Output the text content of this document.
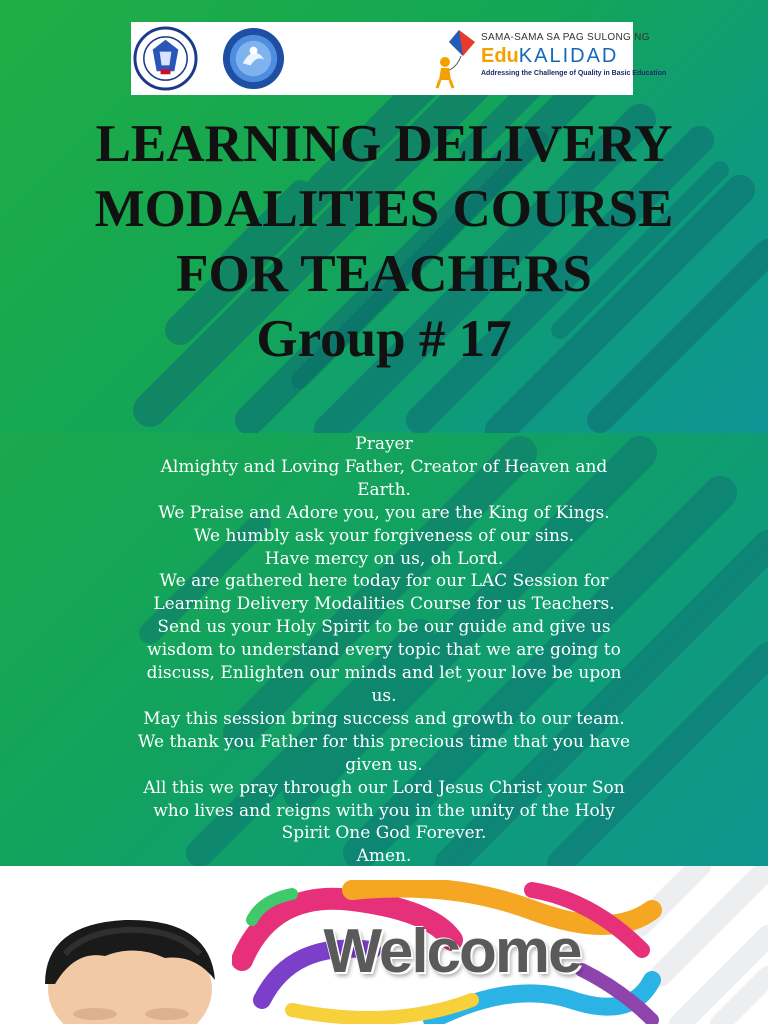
SAMA-SAMA SA PAG SULONG NG
EduKALIDAD
Addressing the Challenge of Quality in Basic Education
LEARNING DELIVERY
MODALITIES COURSE
FOR TEACHERS
Group # 17
Prayer
Almighty and Loving Father, Creator of Heaven and
Earth.
We Praise and Adore you, you are the King of Kings.
We humbly ask your forgiveness of our sins.
Have mercy on us, oh Lord.
We are gathered here today for our LAC Session for
Learning Delivery Modalities Course for us Teachers.
Send us your Holy Spirit to be our guide and give us
wisdom to understand every topic that we are going to
discuss, Enlighten our minds and let your love be upon
us.
May this session bring success and growth to our team.
We thank you Father for this precious time that you have
given us.
All this we pray through our Lord Jesus Christ your Son
who lives and reigns with you in the unity of the Holy
Spirit One God Forever.
Amen.
Welcome
